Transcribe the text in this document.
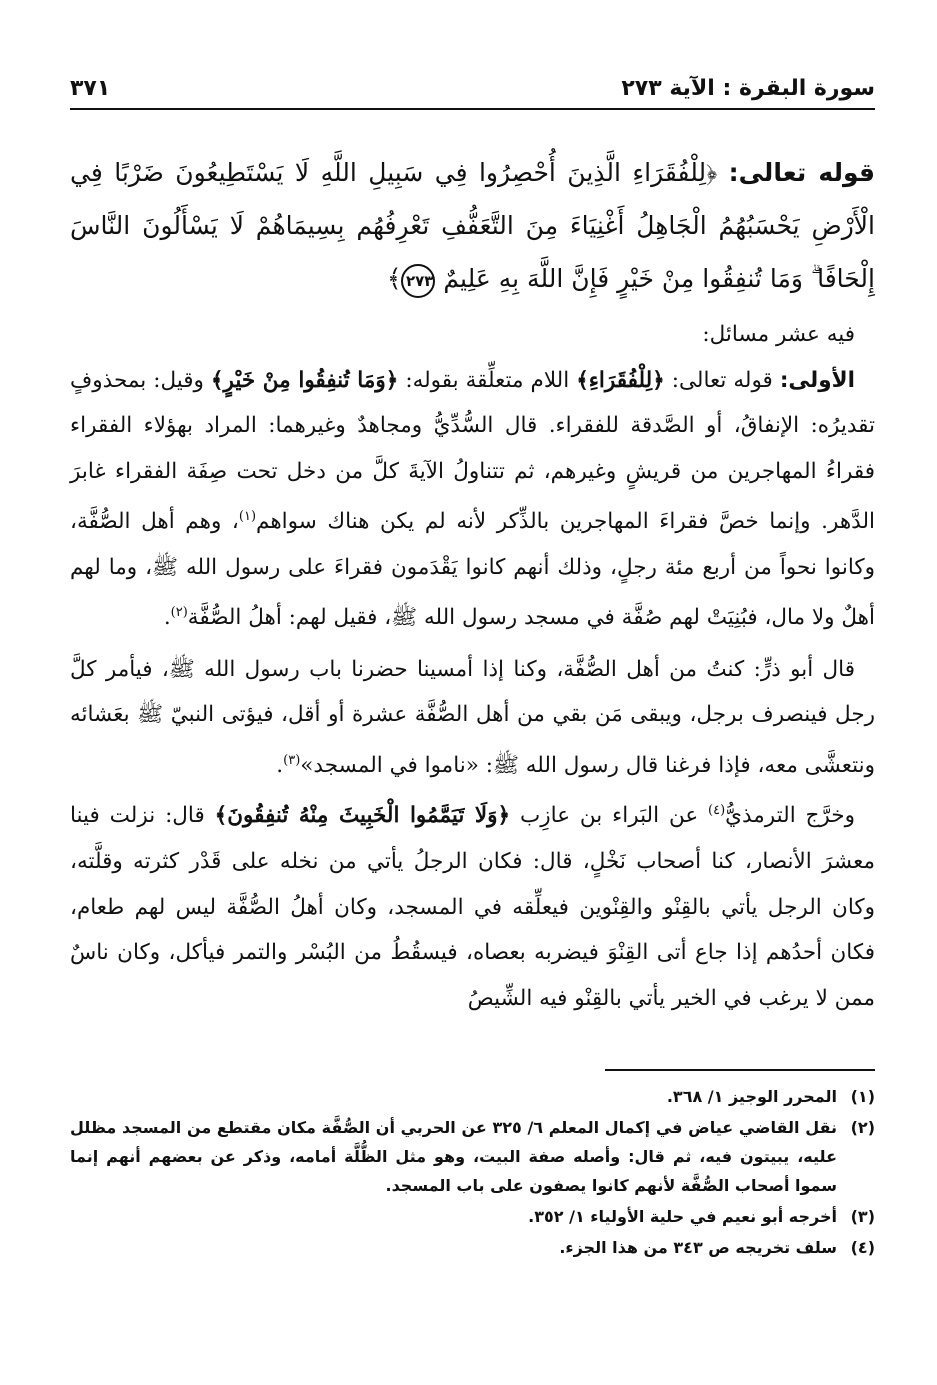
سورة البقرة : الآية ٢٧٣
٣٧١
قوله تعالى: ﴿لِلْفُقَرَاءِ الَّذِينَ أُحْصِرُوا فِي سَبِيلِ اللَّهِ لَا يَسْتَطِيعُونَ ضَرْبًا فِي الْأَرْضِ يَحْسَبُهُمُ الْجَاهِلُ أَغْنِيَاءَ مِنَ التَّعَفُّفِ تَعْرِفُهُم بِسِيمَاهُمْ لَا يَسْأَلُونَ النَّاسَ إِلْحَافًا ۗ وَمَا تُنفِقُوا مِنْ خَيْرٍ فَإِنَّ اللَّهَ بِهِ عَلِيمٌ ٢٧٣﴾

فيه عشر مسائل:

الأولى: قوله تعالى: ﴿لِلْفُقَرَاءِ﴾ اللام متعلِّقة بقوله: ﴿وَمَا تُنفِقُوا مِنْ خَيْرٍ﴾ وقيل: بمحذوفٍ تقديرُه: الإنفاقُ، أو الصَّدقة للفقراء. قال السُّدِّيُّ ومجاهدٌ وغيرهما: المراد بهؤلاء الفقراء فقراءُ المهاجرين من قريشٍ وغيرهم، ثم تتناولُ الآيةَ كلَّ من دخل تحت صِفَة الفقراء غابرَ الدَّهر. وإنما خصَّ فقراءَ المهاجرين بالذِّكر لأنه لم يكن هناك سواهم$^{(١)}$، وهم أهل الصُّفَّة، وكانوا نحواً من أربع مئة رجلٍ، وذلك أنهم كانوا يَقْدَمون فقراءَ على رسول الله ﷺ، وما لهم أهلٌ ولا مال، فبُنِيَتْ لهم صُفَّة في مسجد رسول الله ﷺ، فقيل لهم: أهلُ الصُّفَّة$^{(٢)}$.

قال أبو ذرٍّ: كنتُ من أهل الصُّفَّة، وكنا إذا أمسينا حضرنا باب رسول الله ﷺ، فيأمر كلَّ رجل فينصرف برجل، ويبقى مَن بقي من أهل الصُّفَّة عشرة أو أقل، فيؤتى النبيّ ﷺ بعَشائه ونتعشَّى معه، فإذا فرغنا قال رسول الله ﷺ: «ناموا في المسجد»$^{(٣)}$.

وخرَّج الترمذيُّ$^{(٤)}$ عن البَراء بن عازِب ﴿وَلَا تَيَمَّمُوا الْخَبِيثَ مِنْهُ تُنفِقُونَ﴾ قال: نزلت فينا معشرَ الأنصار، كنا أصحاب نَخْلٍ، قال: فكان الرجلُ يأتي من نخله على قَدْر كثرته وقلَّته، وكان الرجل يأتي بالقِنْو والقِنْوين فيعلِّقه في المسجد، وكان أهلُ الصُّفَّة ليس لهم طعام، فكان أحدُهم إذا جاع أتى القِنْوَ فيضربه بعصاه، فيسقُطُ من البُسْر والتمر فيأكل، وكان ناسٌ ممن لا يرغب في الخير يأتي بالقِنْو فيه الشِّيصُ

(١)
المحرر الوجيز ١/ ٣٦٨.
(٢)
نقل القاضي عياض في إكمال المعلم ٦/ ٣٢٥ عن الحربي أن الصُّفَّة مكان مقتطع من المسجد مظلل عليه، يبيتون فيه، ثم قال: وأصله صفة البيت، وهو مثل الظُّلَّة أمامه، وذكر عن بعضهم أنهم إنما سموا أصحاب الصُّفَّة لأنهم كانوا يصفون على باب المسجد.
(٣)
أخرجه أبو نعيم في حلية الأولياء ١/ ٣٥٢.
(٤)
سلف تخريجه ص ٣٤٣ من هذا الجزء.
